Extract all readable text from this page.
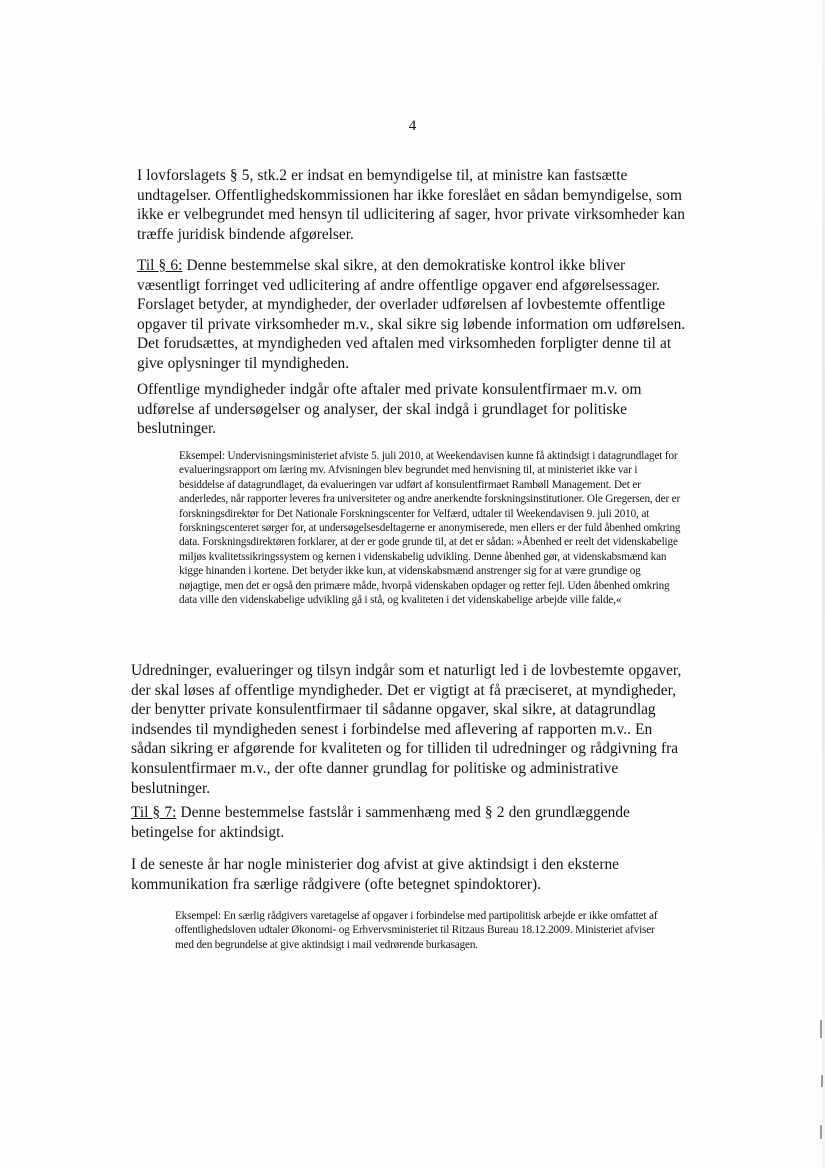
4

I lovforslagets § 5, stk.2 er indsat en bemyndigelse til, at ministre kan fastsætte undtagelser. Offentlighedskommissionen har ikke foreslået en sådan bemyndigelse, som ikke er velbegrundet med hensyn til udlicitering af sager, hvor private virksomheder kan træffe juridisk bindende afgørelser.

Til § 6: Denne bestemmelse skal sikre, at den demokratiske kontrol ikke bliver væsentligt forringet ved udlicitering af andre offentlige opgaver end afgørelsessager. Forslaget betyder, at myndigheder, der overlader udførelsen af lovbestemte offentlige opgaver til private virksomheder m.v., skal sikre sig løbende information om udførelsen. Det forudsættes, at myndigheden ved aftalen med virksomheden forpligter denne til at give oplysninger til myndigheden.

Offentlige myndigheder indgår ofte aftaler med private konsulentfirmaer m.v. om udførelse af undersøgelser og analyser, der skal indgå i grundlaget for politiske beslutninger.

Eksempel: Undervisningsministeriet afviste 5. juli 2010, at Weekendavisen kunne få aktindsigt i datagrundlaget for evalueringsrapport om læring mv. Afvisningen blev begrundet med henvisning til, at ministeriet ikke var i besiddelse af datagrundlaget, da evalueringen var udført af konsulentfirmaet Rambøll Management. Det er anderledes, når rapporter leveres fra universiteter og andre anerkendte forskningsinstitutioner. Ole Gregersen, der er forskningsdirektør for Det Nationale Forskningscenter for Velfærd, udtaler til Weekendavisen 9. juli 2010, at forskningscenteret sørger for, at undersøgelsesdeltagerne er anonymiserede, men ellers er der fuld åbenhed omkring data. Forskningsdirektøren forklarer, at der er gode grunde til, at det er sådan: »Åbenhed er reelt det videnskabelige miljøs kvalitetssikringssystem og kernen i videnskabelig udvikling. Denne åbenhed gør, at videnskabsmænd kan kigge hinanden i kortene. Det betyder ikke kun, at videnskabsmænd anstrenger sig for at være grundige og nøjagtige, men det er også den primære måde, hvorpå videnskaben opdager og retter fejl. Uden åbenhed omkring data ville den videnskabelige udvikling gå i stå, og kvaliteten i det videnskabelige arbejde ville falde,«

Udredninger, evalueringer og tilsyn indgår som et naturligt led i de lovbestemte opgaver, der skal løses af offentlige myndigheder. Det er vigtigt at få præciseret, at myndigheder, der benytter private konsulentfirmaer til sådanne opgaver, skal sikre, at datagrundlag indsendes til myndigheden senest i forbindelse med aflevering af rapporten m.v.. En sådan sikring er afgørende for kvaliteten og for tilliden til udredninger og rådgivning fra konsulentfirmaer m.v., der ofte danner grundlag for politiske og administrative beslutninger.

Til § 7: Denne bestemmelse fastslår i sammenhæng med § 2 den grundlæggende betingelse for aktindsigt.

I de seneste år har nogle ministerier dog afvist at give aktindsigt i den eksterne kommunikation fra særlige rådgivere (ofte betegnet spindoktorer).

Eksempel: En særlig rådgivers varetagelse af opgaver i forbindelse med partipolitisk arbejde er ikke omfattet af offentlighedsloven udtaler Økonomi- og Erhvervsministeriet til Ritzaus Bureau 18.12.2009. Ministeriet afviser med den begrundelse at give aktindsigt i mail vedrørende burkasagen.
